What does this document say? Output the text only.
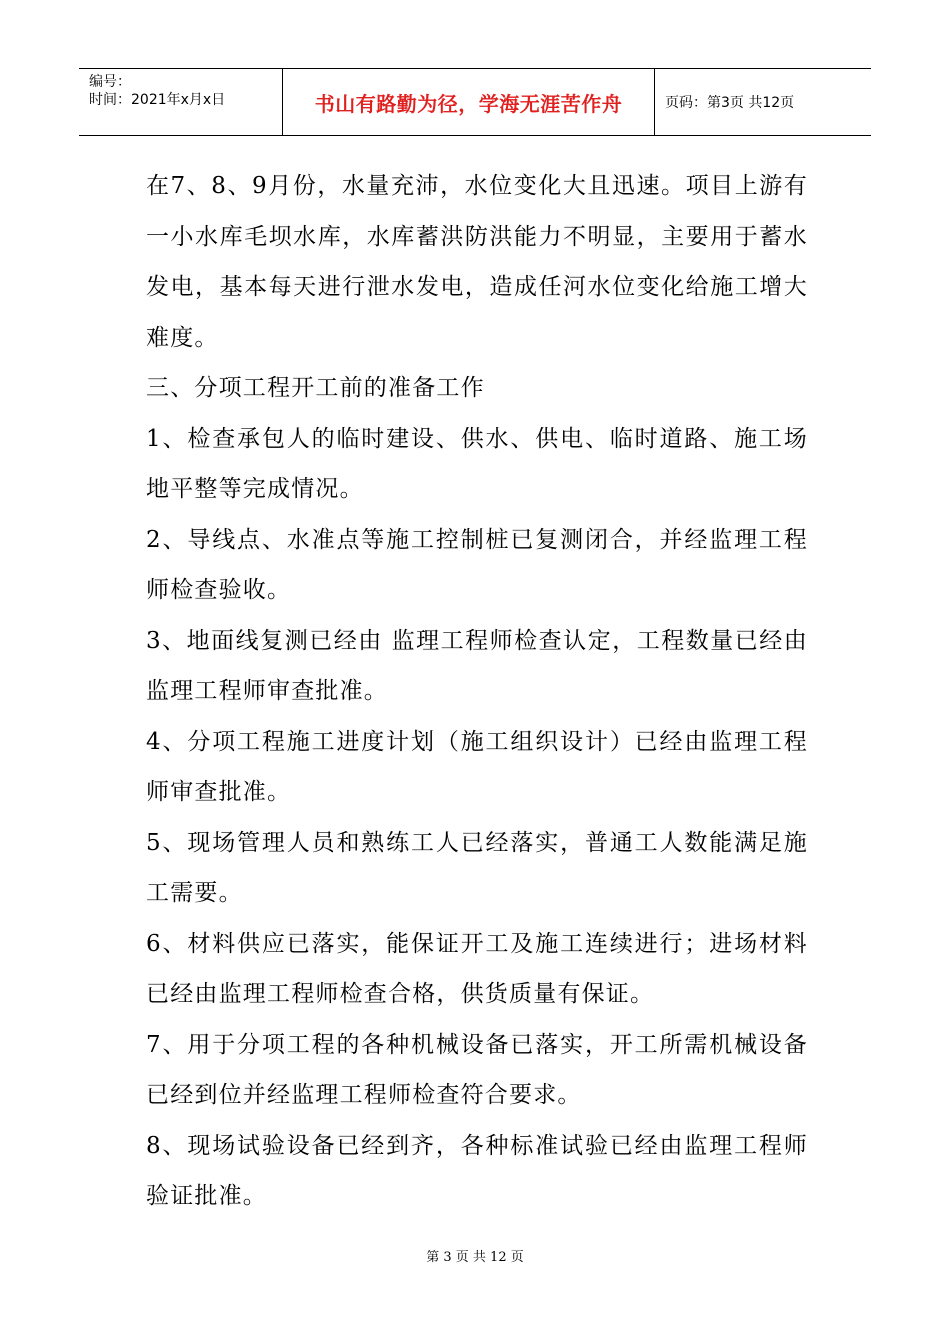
编号：
时间：2021年x月x日	书山有路勤为径，学海无涯苦作舟	页码：第3页 共12页

在7、8、9月份，水量充沛，水位变化大且迅速。项目上游有一小水库毛坝水库，水库蓄洪防洪能力不明显，主要用于蓄水发电，基本每天进行泄水发电，造成任河水位变化给施工增大难度。

三、分项工程开工前的准备工作

1、检查承包人的临时建设、供水、供电、临时道路、施工场地平整等完成情况。

2、导线点、水准点等施工控制桩已复测闭合，并经监理工程师检查验收。

3、地面线复测已经由 监理工程师检查认定，工程数量已经由监理工程师审查批准。

4、分项工程施工进度计划（施工组织设计）已经由监理工程师审查批准。

5、现场管理人员和熟练工人已经落实，普通工人数能满足施工需要。

6、材料供应已落实，能保证开工及施工连续进行；进场材料已经由监理工程师检查合格，供货质量有保证。

7、用于分项工程的各种机械设备已落实，开工所需机械设备已经到位并经监理工程师检查符合要求。

8、现场试验设备已经到齐，各种标准试验已经由监理工程师验证批准。

第 3 页 共 12 页
